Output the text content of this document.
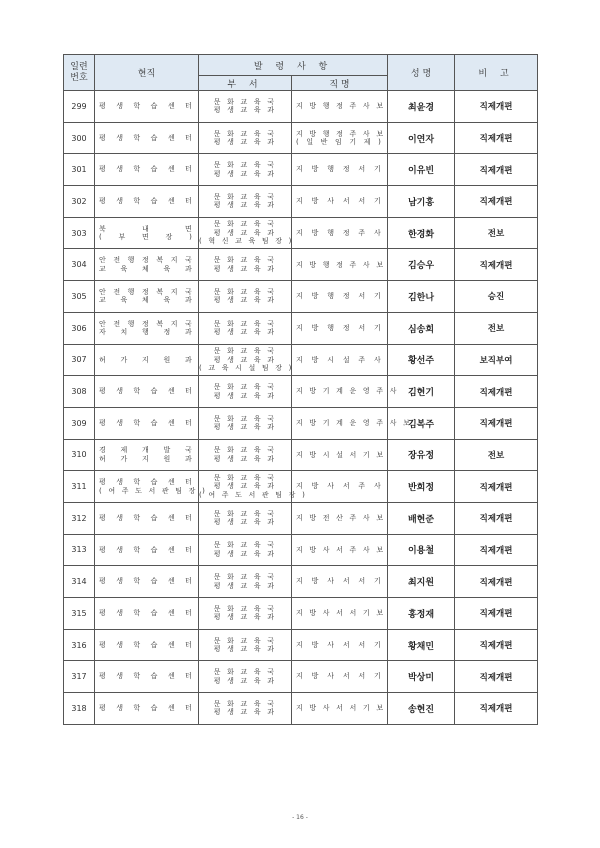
일련
번호	현직	발 령 사 항		성 명	비 고
		부 서	직 명		
299	평 생 학 습 센 터	문 화 교 육 국
평 생 교 육 과	지 방 행 정 주 사 보	최윤경	직제개편
300	평 생 학 습 센 터	문 화 교 육 국
평 생 교 육 과	지 방 행 정 주 사 보
( 일 반 임 기 제 )	이연자	직제개편
301	평 생 학 습 센 터	문 화 교 육 국
평 생 교 육 과	지 방 행 정 서 기	이유빈	직제개편
302	평 생 학 습 센 터	문 화 교 육 국
평 생 교 육 과	지 방 사 서 서 기	남기홍	직제개편
303	북 내 면
( 부 면 장 )	문 화 교 육 국
평 생 교 육 과
( 혁 신 교 육 팀 장 )	지 방 행 정 주 사	한경화	전보
304	안 전 행 정 복 지 국
교 육 체 육 과	문 화 교 육 국
평 생 교 육 과	지 방 행 정 주 사 보	김승우	직제개편
305	안 전 행 정 복 지 국
교 육 체 육 과	문 화 교 육 국
평 생 교 육 과	지 방 행 정 서 기	김한나	승진
306	안 전 행 정 복 지 국
자 치 행 정 과	문 화 교 육 국
평 생 교 육 과	지 방 행 정 서 기	심송희	전보
307	허 가 지 원 과	문 화 교 육 국
평 생 교 육 과
( 교 육 시 설 팀 장 )	지 방 시 설 주 사	황선주	보직부여
308	평 생 학 습 센 터	문 화 교 육 국
평 생 교 육 과	지 방 기 계 운 영 주 사	김현기	직제개편
309	평 생 학 습 센 터	문 화 교 육 국
평 생 교 육 과	지 방 기 계 운 영 주 사 보	김복주	직제개편
310	경 제 개 발 국
허 가 지 원 과	문 화 교 육 국
평 생 교 육 과	지 방 시 설 서 기 보	장유정	전보
311	평 생 학 습 센 터
( 여 주 도 서 관 팀 장 )	문 화 교 육 국
평 생 교 육 과
( 여 주 도 서 관 팀 장 )	지 방 사 서 주 사	반희정	직제개편
312	평 생 학 습 센 터	문 화 교 육 국
평 생 교 육 과	지 방 전 산 주 사 보	배현준	직제개편
313	평 생 학 습 센 터	문 화 교 육 국
평 생 교 육 과	지 방 사 서 주 사 보	이용철	직제개편
314	평 생 학 습 센 터	문 화 교 육 국
평 생 교 육 과	지 방 사 서 서 기	최지원	직제개편
315	평 생 학 습 센 터	문 화 교 육 국
평 생 교 육 과	지 방 사 서 서 기 보	홍정재	직제개편
316	평 생 학 습 센 터	문 화 교 육 국
평 생 교 육 과	지 방 사 서 서 기	황채민	직제개편
317	평 생 학 습 센 터	문 화 교 육 국
평 생 교 육 과	지 방 사 서 서 기	박상미	직제개편
318	평 생 학 습 센 터	문 화 교 육 국
평 생 교 육 과	지 방 사 서 서 기 보	송현진	직제개편
- 16 -
